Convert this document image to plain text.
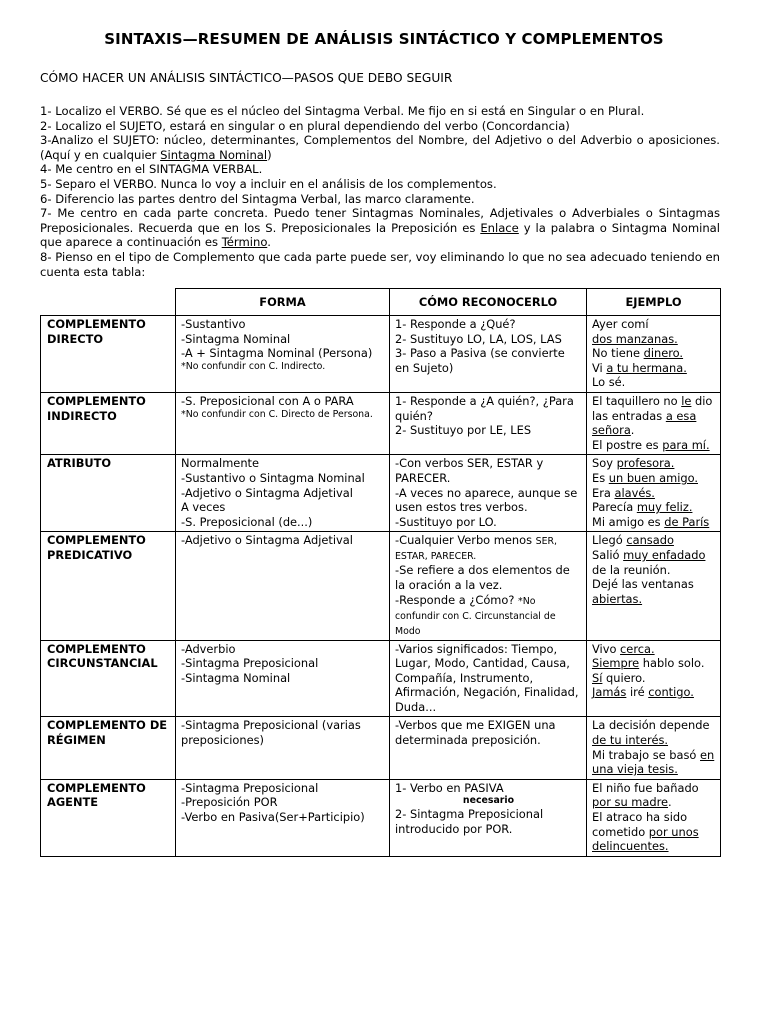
SINTAXIS—RESUMEN DE ANÁLISIS SINTÁCTICO Y COMPLEMENTOS

CÓMO HACER UN ANÁLISIS SINTÁCTICO—PASOS QUE DEBO SEGUIR

1- Localizo el VERBO. Sé que es el núcleo del Sintagma Verbal. Me fijo en si está en Singular o en Plural.

2- Localizo el SUJETO, estará en singular o en plural dependiendo del verbo (Concordancia)

3-Analizo el SUJETO: núcleo, determinantes, Complementos del Nombre, del Adjetivo o del Adverbio o aposiciones. (Aquí y en cualquier Sintagma Nominal)

4- Me centro en el SINTAGMA VERBAL.

5- Separo el VERBO. Nunca lo voy a incluir en el análisis de los complementos.

6- Diferencio las partes dentro del Sintagma Verbal, las marco claramente.

7- Me centro en cada parte concreta. Puedo tener Sintagmas Nominales, Adjetivales o Adverbiales o Sintagmas Preposicionales. Recuerda que en los S. Preposicionales la Preposición es Enlace y la palabra o Sintagma Nominal que aparece a continuación es Término.

8- Pienso en el tipo de Complemento que cada parte puede ser, voy eliminando lo que no sea adecuado teniendo en cuenta esta tabla:

	FORMA	CÓMO RECONOCERLO	EJEMPLO
COMPLEMENTO DIRECTO	-Sustantivo
-Sintagma Nominal
-A + Sintagma Nominal (Persona)
*No confundir con C. Indirecto.	1- Responde a ¿Qué?
2- Sustituyo LO, LA, LOS, LAS
3- Paso a Pasiva (se convierte en Sujeto)	Ayer comí
dos manzanas.
No tiene dinero.
Vi a tu hermana.
Lo sé.

COMPLEMENTO INDIRECTO	-S. Preposicional con A o PARA
*No confundir con C. Directo de Persona.	1- Responde a ¿A quién?, ¿Para quién?
2- Sustituyo por LE, LES	El taquillero no le dio las entradas a esa señora.
El postre es para mí.

ATRIBUTO	Normalmente
-Sustantivo o Sintagma Nominal
-Adjetivo o Sintagma Adjetival
A veces
-S. Preposicional (de...)	-Con verbos SER, ESTAR y PARECER.
-A veces no aparece, aunque se usen estos tres verbos.
-Sustituyo por LO.	Soy profesora.
Es un buen amigo.
Era alavés.
Parecía muy feliz.
Mi amigo es de París

COMPLEMENTO PREDICATIVO	-Adjetivo o Sintagma Adjetival	-Cualquier Verbo menos SER, ESTAR, PARECER.
-Se refiere a dos elementos de la oración a la vez.
-Responde a ¿Cómo? *No confundir con C. Circunstancial de Modo	Llegó cansado
Salió muy enfadado de la reunión.
Dejé las ventanas abiertas.

COMPLEMENTO CIRCUNSTANCIAL	-Adverbio
-Sintagma Preposicional
-Sintagma Nominal	-Varios significados: Tiempo, Lugar, Modo, Cantidad, Causa, Compañía, Instrumento, Afirmación, Negación, Finalidad, Duda...	Vivo cerca.
Siempre hablo solo.
Sí quiero.
Jamás iré contigo.

COMPLEMENTO DE RÉGIMEN	-Sintagma Preposicional (varias preposiciones)	-Verbos que me EXIGEN una determinada preposición.	La decisión depende de tu interés.
Mi trabajo se basó en una vieja tesis.

COMPLEMENTO AGENTE	-Sintagma Preposicional
-Preposición POR
-Verbo en Pasiva(Ser+Participio)	1- Verbo en PASIVA
necesario
2- Sintagma Preposicional introducido por POR.	El niño fue bañado por su madre.
El atraco ha sido cometido por unos delincuentes.
